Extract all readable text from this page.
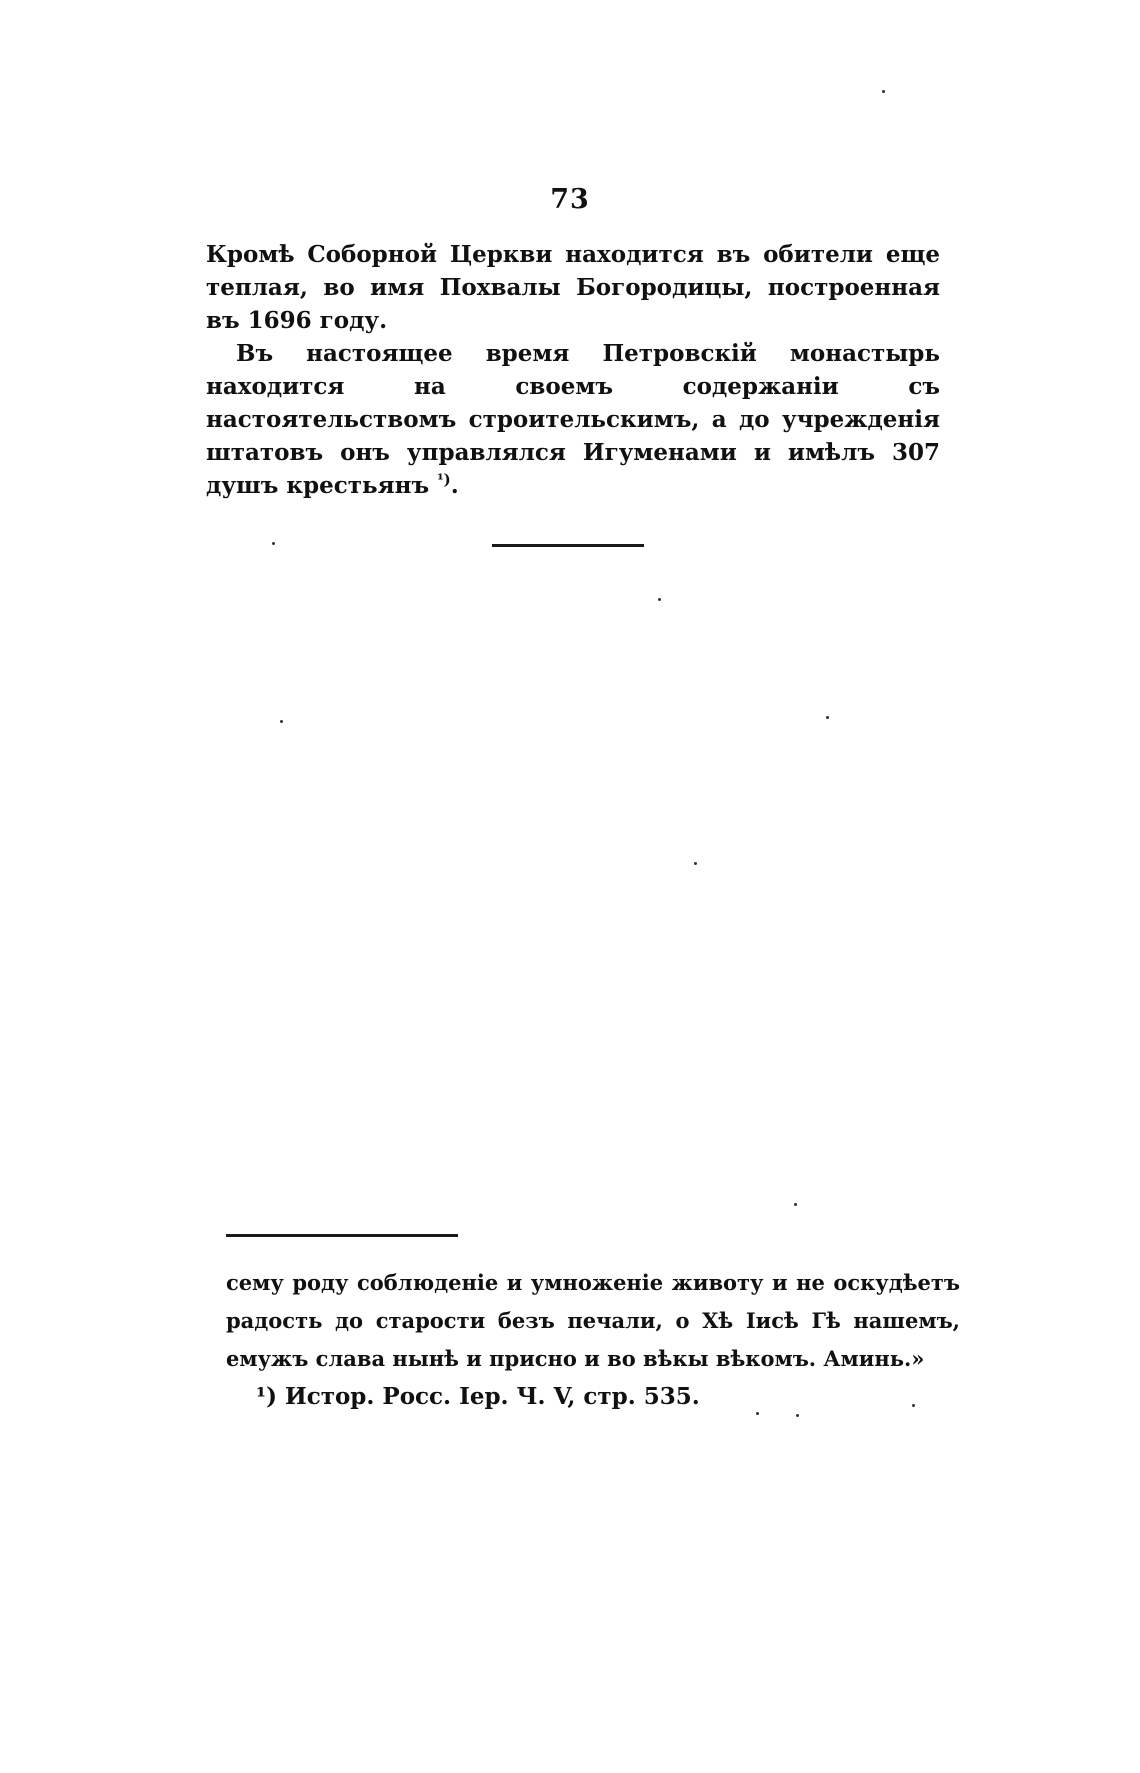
73

Кромѣ Соборной Церкви находится въ обители еще теплая, во имя Похвалы Богородицы, построенная въ 1696 году.

Въ настоящее время Петровскій монастырь находится на своемъ содержаніи съ настоятельствомъ строительскимъ, а до учрежденія штатовъ онъ управлялся Игуменами и имѣлъ 307 душъ крестьянъ $^{^1)}$.

сему роду соблюденіе и умноженіе животу и не оскудѣетъ радость до старости безъ печали, о Хѣ Іисѣ Гѣ нашемъ, емужъ слава нынѣ и присно и во вѣкы вѣкомъ. Аминь.»

¹) Истор. Росс. Іер. Ч. V, стр. 535.
